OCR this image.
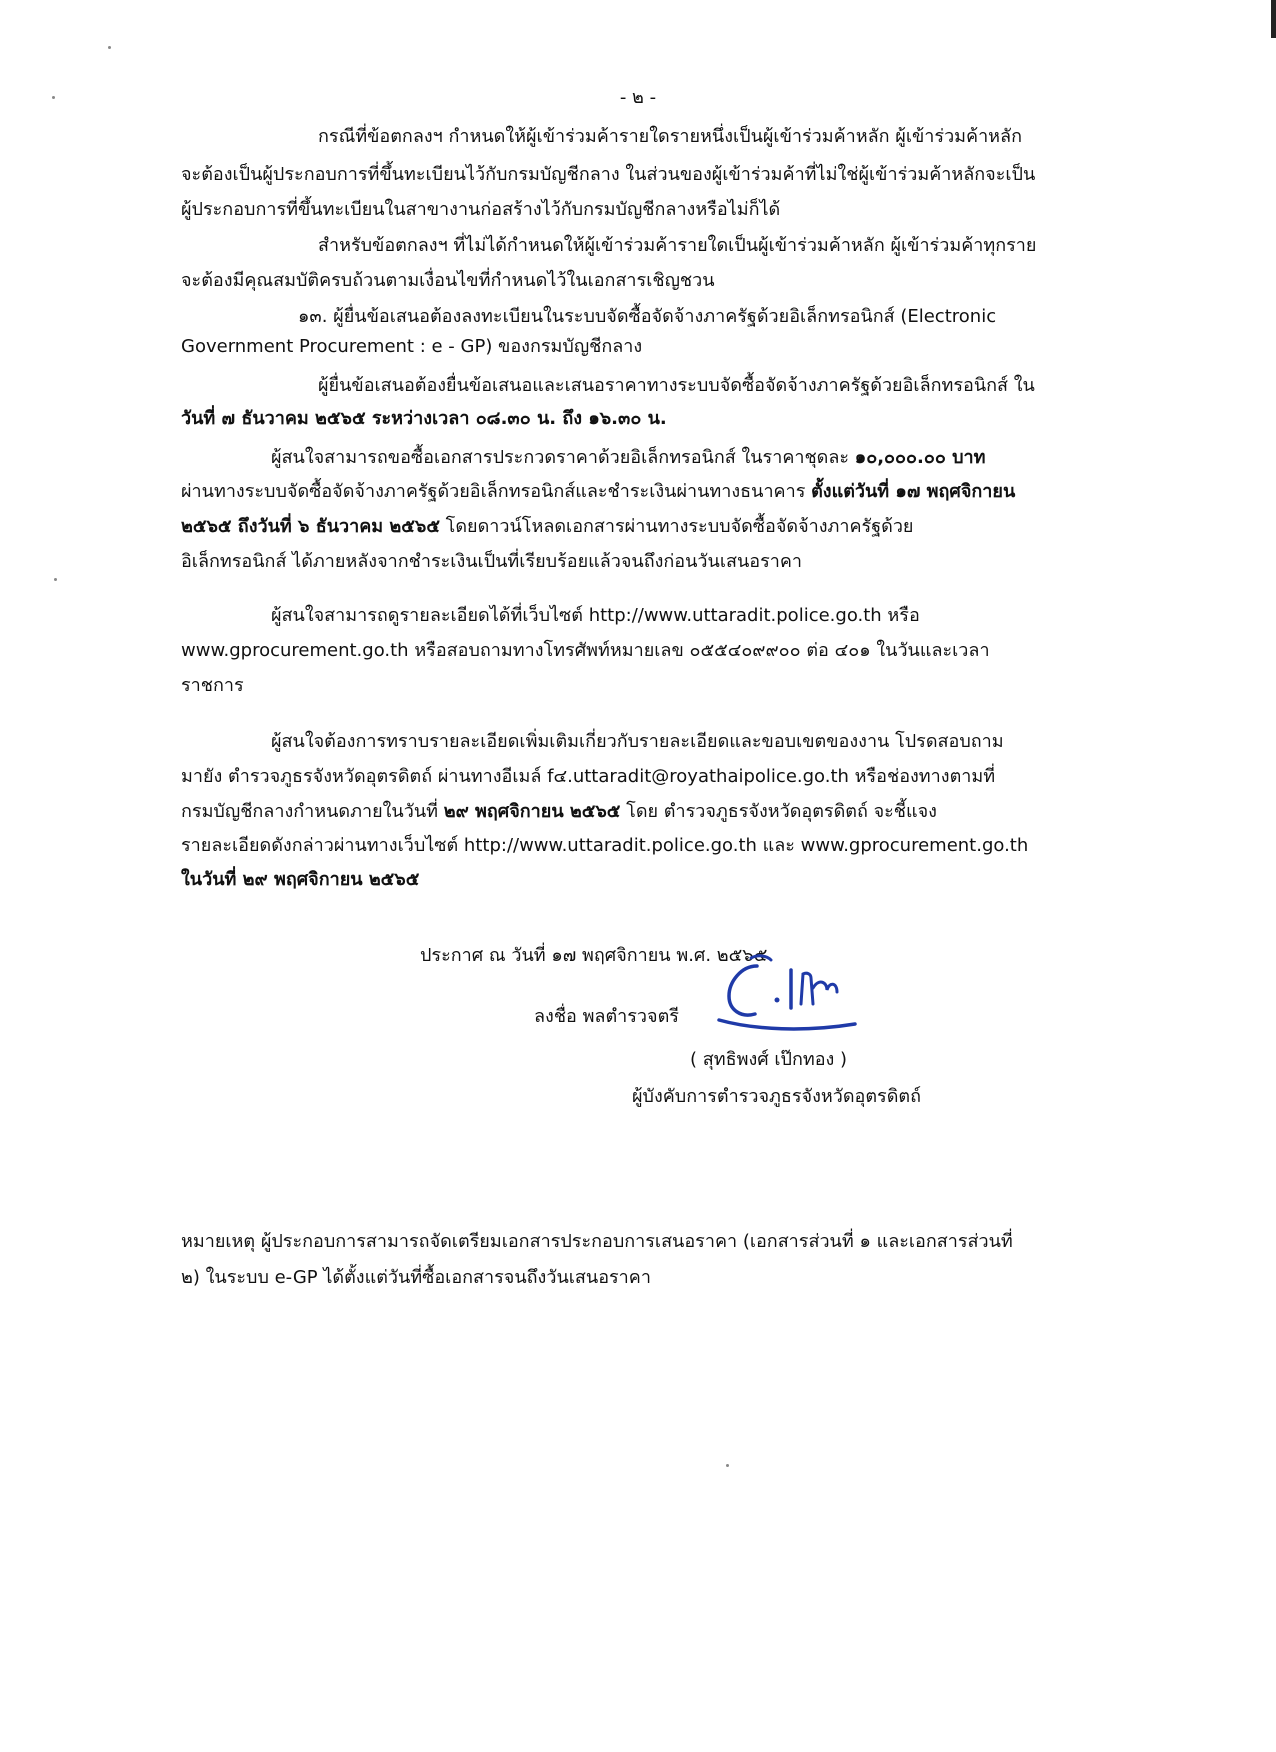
- ๒ -
กรณีที่ข้อตกลงฯ กำหนดให้ผู้เข้าร่วมค้ารายใดรายหนึ่งเป็นผู้เข้าร่วมค้าหลัก ผู้เข้าร่วมค้าหลัก
จะต้องเป็นผู้ประกอบการที่ขึ้นทะเบียนไว้กับกรมบัญชีกลาง ในส่วนของผู้เข้าร่วมค้าที่ไม่ใช่ผู้เข้าร่วมค้าหลักจะเป็น
ผู้ประกอบการที่ขึ้นทะเบียนในสาขางานก่อสร้างไว้กับกรมบัญชีกลางหรือไม่ก็ได้
สำหรับข้อตกลงฯ ที่ไม่ได้กำหนดให้ผู้เข้าร่วมค้ารายใดเป็นผู้เข้าร่วมค้าหลัก ผู้เข้าร่วมค้าทุกราย
จะต้องมีคุณสมบัติครบถ้วนตามเงื่อนไขที่กำหนดไว้ในเอกสารเชิญชวน
๑๓. ผู้ยื่นข้อเสนอต้องลงทะเบียนในระบบจัดซื้อจัดจ้างภาครัฐด้วยอิเล็กทรอนิกส์ (Electronic
Government Procurement : e - GP) ของกรมบัญชีกลาง
ผู้ยื่นข้อเสนอต้องยื่นข้อเสนอและเสนอราคาทางระบบจัดซื้อจัดจ้างภาครัฐด้วยอิเล็กทรอนิกส์ ใน
วันที่ ๗ ธันวาคม ๒๕๖๕ ระหว่างเวลา ๐๘.๓๐ น. ถึง ๑๖.๓๐ น.
ผู้สนใจสามารถขอซื้อเอกสารประกวดราคาด้วยอิเล็กทรอนิกส์ ในราคาชุดละ ๑๐,๐๐๐.๐๐ บาท
ผ่านทางระบบจัดซื้อจัดจ้างภาครัฐด้วยอิเล็กทรอนิกส์และชำระเงินผ่านทางธนาคาร ตั้งแต่วันที่ ๑๗ พฤศจิกายน
๒๕๖๕ ถึงวันที่ ๖ ธันวาคม ๒๕๖๕ โดยดาวน์โหลดเอกสารผ่านทางระบบจัดซื้อจัดจ้างภาครัฐด้วย
อิเล็กทรอนิกส์ ได้ภายหลังจากชำระเงินเป็นที่เรียบร้อยแล้วจนถึงก่อนวันเสนอราคา
ผู้สนใจสามารถดูรายละเอียดได้ที่เว็บไซต์ http://www.uttaradit.police.go.th หรือ
www.gprocurement.go.th หรือสอบถามทางโทรศัพท์หมายเลข ๐๕๕๔๐๙๙๐๐ ต่อ ๔๐๑ ในวันและเวลา
ราชการ
ผู้สนใจต้องการทราบรายละเอียดเพิ่มเติมเกี่ยวกับรายละเอียดและขอบเขตของงาน โปรดสอบถาม
มายัง ตำรวจภูธรจังหวัดอุตรดิตถ์ ผ่านทางอีเมล์ f๔.uttaradit@royathaipolice.go.th หรือช่องทางตามที่
กรมบัญชีกลางกำหนดภายในวันที่ ๒๙ พฤศจิกายน ๒๕๖๕ โดย ตำรวจภูธรจังหวัดอุตรดิตถ์ จะชี้แจง
รายละเอียดดังกล่าวผ่านทางเว็บไซต์ http://www.uttaradit.police.go.th และ www.gprocurement.go.th
ในวันที่ ๒๙ พฤศจิกายน ๒๕๖๕
ประกาศ ณ วันที่ ๑๗ พฤศจิกายน พ.ศ. ๒๕๖๕
ลงชื่อ พลตำรวจตรี
( สุทธิพงศ์ เป๊กทอง )
ผู้บังคับการตำรวจภูธรจังหวัดอุตรดิตถ์
หมายเหตุ ผู้ประกอบการสามารถจัดเตรียมเอกสารประกอบการเสนอราคา (เอกสารส่วนที่ ๑ และเอกสารส่วนที่
๒) ในระบบ e-GP ได้ตั้งแต่วันที่ซื้อเอกสารจนถึงวันเสนอราคา
